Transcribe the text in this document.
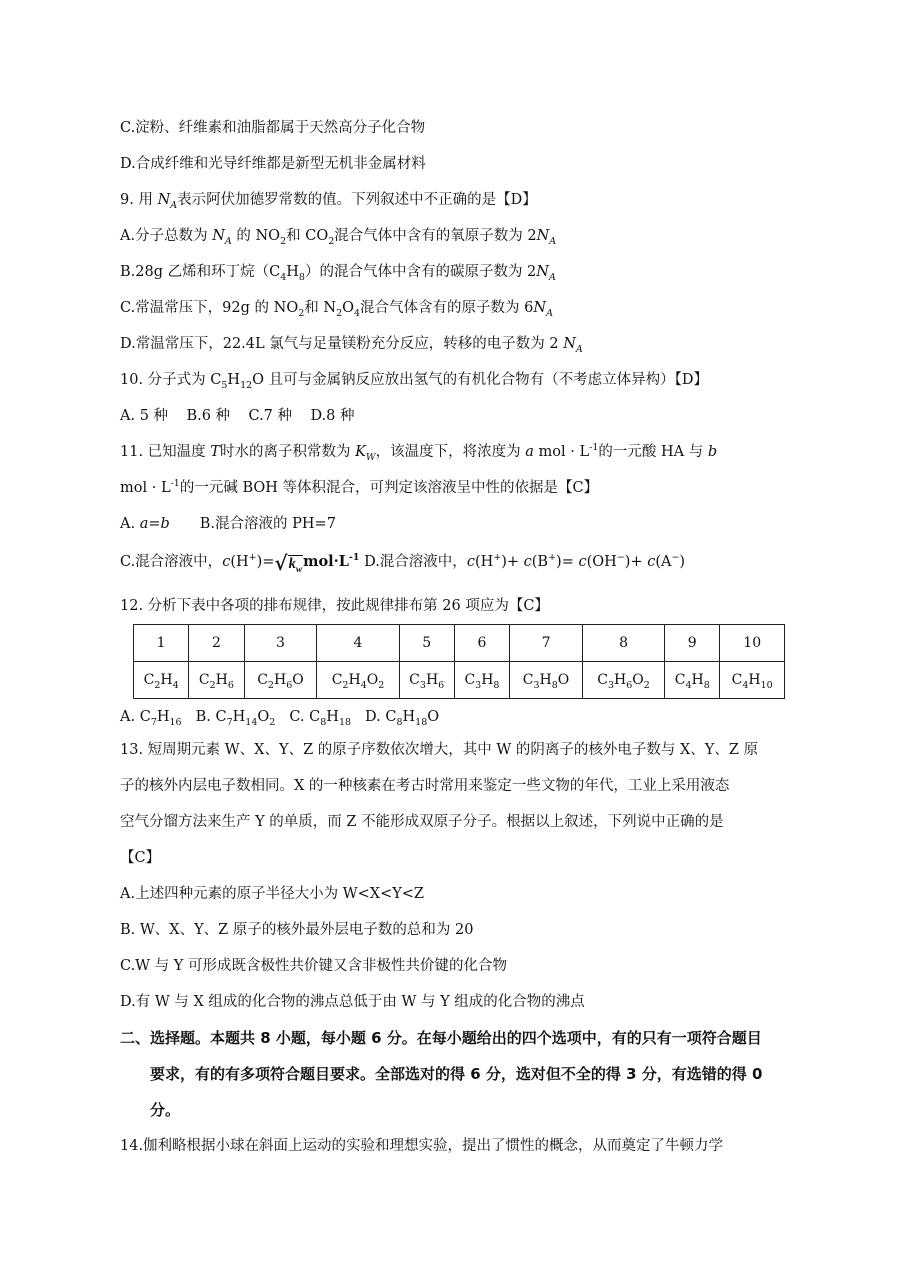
C.淀粉、纤维素和油脂都属于天然高分子化合物
D.合成纤维和光导纤维都是新型无机非金属材料
9. 用 $N_A$表示阿伏加德罗常数的值。下列叙述中不正确的是【D】
A.分子总数为 $N_A$ 的 $NO_2$和 $CO_2$混合气体中含有的氧原子数为 $2N_A$
B.28g 乙烯和环丁烷$(C_4H_8)$的混合气体中含有的碳原子数为 $2N_A$
C.常温常压下，92g 的 $NO_2$和 $N_2O_4$混合气体含有的原子数为 $6N_A$
D.常温常压下，22.4L 氯气与足量镁粉充分反应，转移的电子数为 2 $N_A$
10. 分子式为 $C_5H_{12}O$ 且可与金属钠反应放出氢气的有机化合物有（不考虑立体异构）【D】
A. 5 种    B.6 种    C.7 种    D.8 种
11. 已知温度 T时水的离子积常数为 $K_W$，该温度下，将浓度为 a mol · $L^{-1}$的一元酸 HA 与 b
mol · $L^{-1}$的一元碱 BOH 等体积混合，可判定该溶液呈中性的依据是【C】
A. a=b B.混合溶液的 PH=7
C.混合溶液中，c(H+)= √ $k_w$ $mol\cdot L^{-1}$ D.混合溶液中，c(H+)+ c(B+)= c(OH−)+ c(A−)
12. 分析下表中各项的排布规律，按此规律排布第 26 项应为【C】
1	2	3	4	5	6	7	8	9	10
$C_2H_4$	$C_2H_6$	$C_2H_6O$	$C_2H_4O_2$	$C_3H_6$	$C_3H_8$	$C_3H_8O$	$C_3H_6O_2$	$C_4H_8$	$C_4H_{10}$
A. $C_7H_{16}$ B. $C_7H_{14}O_2$ C. $C_8H_{18}$ D. $C_8H_{18}O$
13. 短周期元素 W、X、Y、Z 的原子序数依次增大，其中 W 的阴离子的核外电子数与 X、Y、Z 原
子的核外内层电子数相同。X 的一种核素在考古时常用来鉴定一些文物的年代，工业上采用液态
空气分馏方法来生产 Y 的单质，而 Z 不能形成双原子分子。根据以上叙述，下列说中正确的是
【C】
A.上述四种元素的原子半径大小为 W<X<Y<Z
B. W、X、Y、Z 原子的核外最外层电子数的总和为 20
C.W 与 Y 可形成既含极性共价键又含非极性共价键的化合物
D.有 W 与 X 组成的化合物的沸点总低于由 W 与 Y 组成的化合物的沸点
二、选择题。本题共 8 小题，每小题 6 分。在每小题给出的四个选项中，有的只有一项符合题目
要求，有的有多项符合题目要求。全部选对的得 6 分，选对但不全的得 3 分，有选错的得 0
分。
14.伽利略根据小球在斜面上运动的实验和理想实验，提出了惯性的概念，从而奠定了牛顿力学
